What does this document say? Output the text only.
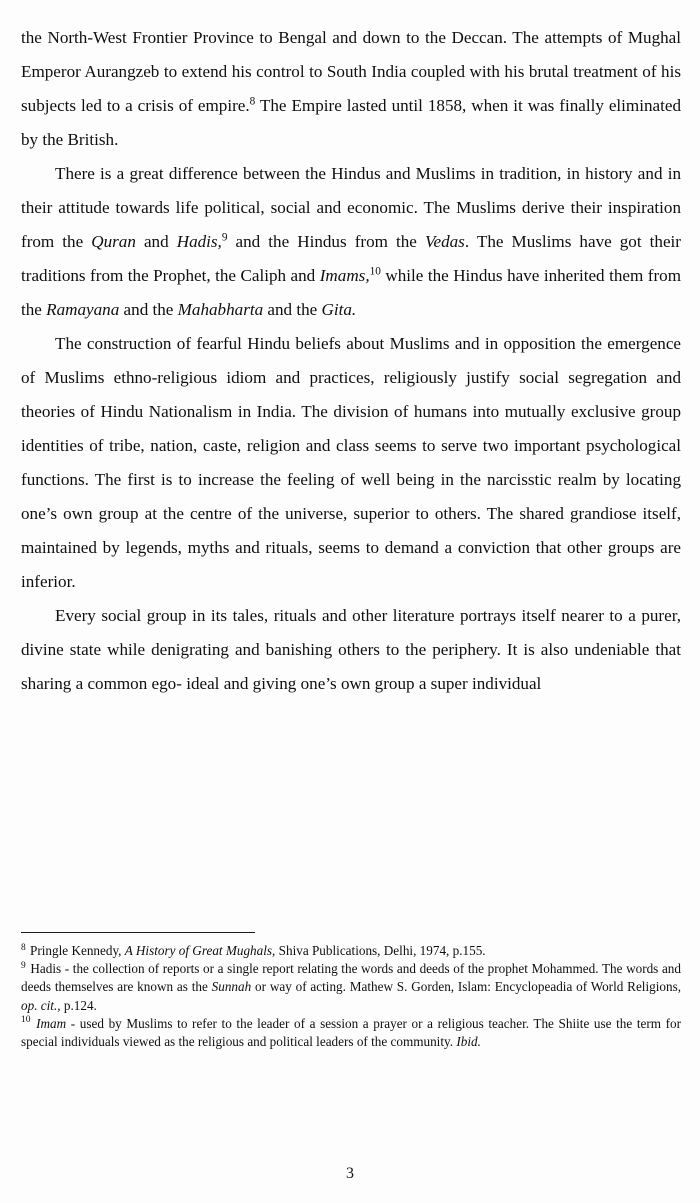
the North-West Frontier Province to Bengal and down to the Deccan. The attempts of Mughal Emperor Aurangzeb to extend his control to South India coupled with his brutal treatment of his subjects led to a crisis of empire.$^8$ The Empire lasted until 1858, when it was finally eliminated by the British.

There is a great difference between the Hindus and Muslims in tradition, in history and in their attitude towards life political, social and economic. The Muslims derive their inspiration from the Quran and Hadis,$^9$ and the Hindus from the Vedas. The Muslims have got their traditions from the Prophet, the Caliph and Imams,$^{10}$ while the Hindus have inherited them from the Ramayana and the Mahabharta and the Gita.

The construction of fearful Hindu beliefs about Muslims and in opposition the emergence of Muslims ethno-religious idiom and practices, religiously justify social segregation and theories of Hindu Nationalism in India. The division of humans into mutually exclusive group identities of tribe, nation, caste, religion and class seems to serve two important psychological functions. The first is to increase the feeling of well being in the narcisstic realm by locating one’s own group at the centre of the universe, superior to others. The shared grandiose itself, maintained by legends, myths and rituals, seems to demand a conviction that other groups are inferior.

Every social group in its tales, rituals and other literature portrays itself nearer to a purer, divine state while denigrating and banishing others to the periphery. It is also undeniable that sharing a common ego- ideal and giving one’s own group a super individual

$^8$ Pringle Kennedy, A History of Great Mughals, Shiva Publications, Delhi, 1974, p.155.

$^9$ Hadis - the collection of reports or a single report relating the words and deeds of the prophet Mohammed. The words and deeds themselves are known as the Sunnah or way of acting. Mathew S. Gorden, Islam: Encyclopeadia of World Religions, op. cit., p.124.

$^{10}$ Imam - used by Muslims to refer to the leader of a session a prayer or a religious teacher. The Shiite use the term for special individuals viewed as the religious and political leaders of the community. Ibid.

3
